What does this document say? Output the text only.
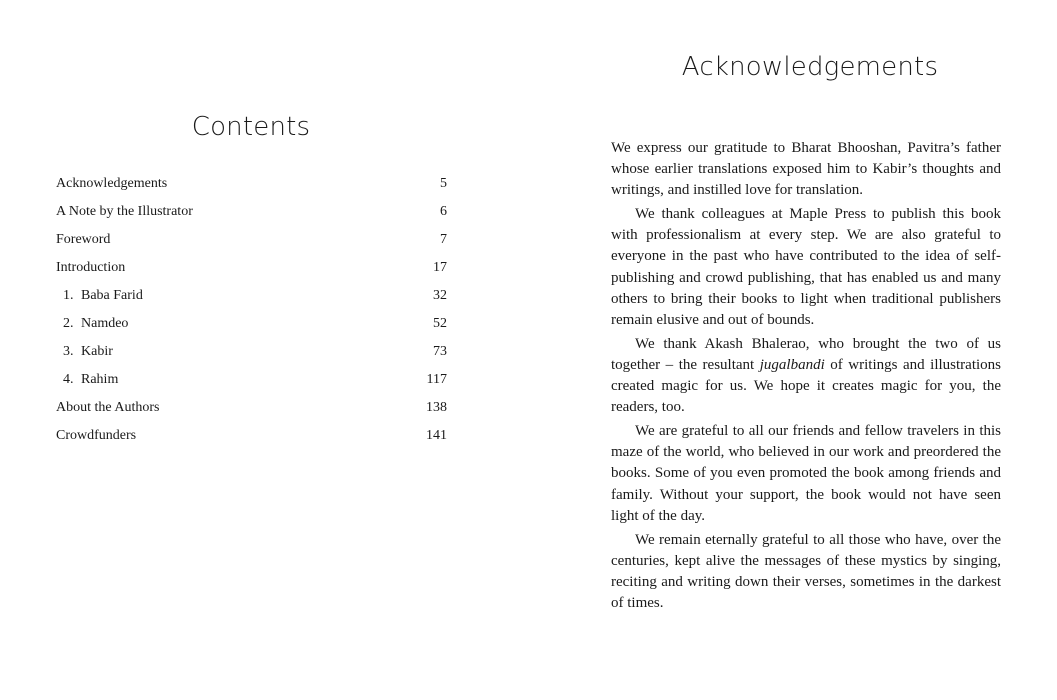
Contents
Acknowledgements	5
A Note by the Illustrator	6
Foreword	7
Introduction	17
1. Baba Farid	32
2. Namdeo	52
3. Kabir	73
4. Rahim	117
About the Authors	138
Crowdfunders	141
Acknowledgements

We express our gratitude to Bharat Bhooshan, Pavitra’s father whose earlier translations exposed him to Kabir’s thoughts and writings, and instilled love for translation.

We thank colleagues at Maple Press to publish this book with professionalism at every step. We are also grateful to everyone in the past who have contributed to the idea of self-publishing and crowd publishing, that has enabled us and many others to bring their books to light when traditional publishers remain elusive and out of bounds.

We thank Akash Bhalerao, who brought the two of us together – the resultant jugalbandi of writings and illustrations created magic for us. We hope it creates magic for you, the readers, too.

We are grateful to all our friends and fellow travelers in this maze of the world, who believed in our work and preordered the books. Some of you even promoted the book among friends and family. Without your support, the book would not have seen light of the day.

We remain eternally grateful to all those who have, over the centuries, kept alive the messages of these mystics by singing, reciting and writing down their verses, sometimes in the darkest of times.
